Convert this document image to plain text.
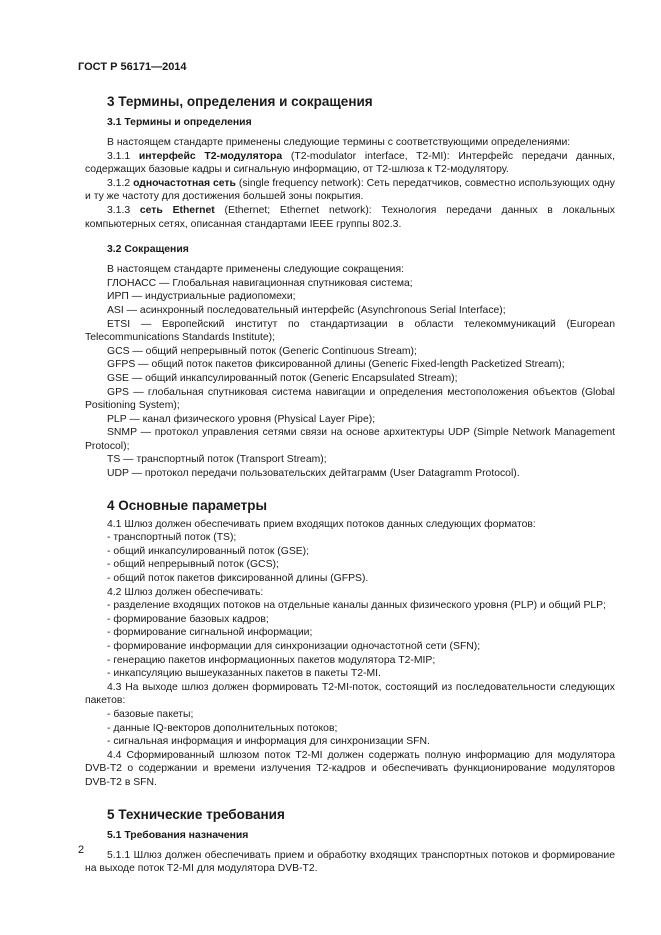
ГОСТ Р 56171—2014
3 Термины, определения и сокращения
3.1 Термины и определения

В настоящем стандарте применены следующие термины с соответствующими определениями:

3.1.1 интерфейс Т2-модулятора (T2-modulator interface, T2-MI): Интерфейс передачи данных, содержащих базовые кадры и сигнальную информацию, от Т2-шлюза к Т2-модулятору.

3.1.2 одночастотная сеть (single frequency network): Сеть передатчиков, совместно использующих одну и ту же частоту для достижения большей зоны покрытия.

3.1.3 сеть Ethernet (Ethernet; Ethernet network): Технология передачи данных в локальных компьютерных сетях, описанная стандартами IEEE группы 802.3.

3.2 Сокращения

В настоящем стандарте применены следующие сокращения:

ГЛОНАСС — Глобальная навигационная спутниковая система;

ИРП — индустриальные радиопомехи;

ASI — асинхронный последовательный интерфейс (Asynchronous Serial Interface);

ETSI — Европейский институт по стандартизации в области телекоммуникаций (European Telecommunications Standards Institute);

GCS — общий непрерывный поток (Generic Continuous Stream);

GFPS — общий поток пакетов фиксированной длины (Generic Fixed-length Packetized Stream);

GSE — общий инкапсулированный поток (Generic Encapsulated Stream);

GPS — глобальная спутниковая система навигации и определения местоположения объектов (Global Positioning System);

PLP — канал физического уровня (Physical Layer Pipe);

SNMP — протокол управления сетями связи на основе архитектуры UDP (Simple Network Management Protocol);

TS — транспортный поток (Transport Stream);

UDP — протокол передачи пользовательских дейтаграмм (User Datagramm Protocol).

4 Основные параметры

4.1 Шлюз должен обеспечивать прием входящих потоков данных следующих форматов:

- транспортный поток (TS);

- общий инкапсулированный поток (GSE);

- общий непрерывный поток (GCS);

- общий поток пакетов фиксированной длины (GFPS).

4.2 Шлюз должен обеспечивать:

- разделение входящих потоков на отдельные каналы данных физического уровня (PLP) и общий PLP;

- формирование базовых кадров;

- формирование сигнальной информации;

- формирование информации для синхронизации одночастотной сети (SFN);

- генерацию пакетов информационных пакетов модулятора Т2-MIP;

- инкапсуляцию вышеуказанных пакетов в пакеты Т2-MI.

4.3 На выходе шлюз должен формировать Т2-MI-поток, состоящий из последовательности следующих пакетов:

- базовые пакеты;

- данные IQ-векторов дополнительных потоков;

- сигнальная информация и информация для синхронизации SFN.

4.4 Сформированный шлюзом поток Т2-MI должен содержать полную информацию для модулятора DVB-T2 о содержании и времени излучения Т2-кадров и обеспечивать функционирование модуляторов DVB-T2 в SFN.

5 Технические требования
5.1 Требования назначения

5.1.1 Шлюз должен обеспечивать прием и обработку входящих транспортных потоков и формирование на выходе поток Т2-MI для модулятора DVB-T2.

2
